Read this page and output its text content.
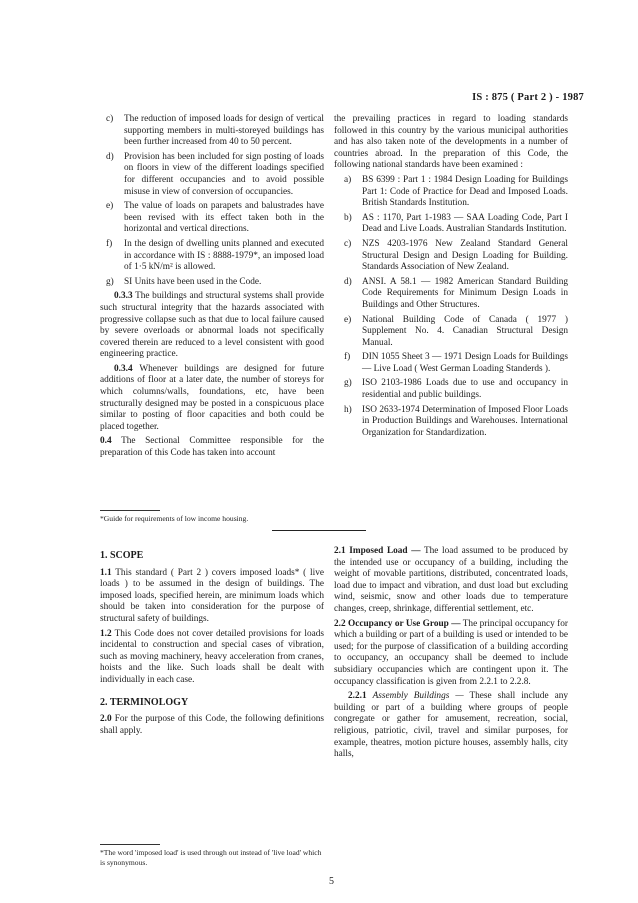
IS : 875 ( Part 2 ) - 1987
c) The reduction of imposed loads for design of vertical supporting members in multi-storeyed buildings has been further increased from 40 to 50 percent.
d) Provision has been included for sign posting of loads on floors in view of the different loadings specified for different occupancies and to avoid possible misuse in view of conversion of occupancies.
e) The value of loads on parapets and balustrades have been revised with its effect taken both in the horizontal and vertical directions.
f) In the design of dwelling units planned and executed in accordance with IS : 8888-1979*, an imposed load of 1·5 kN/m² is allowed.
g) SI Units have been used in the Code.

0.3.3 The buildings and structural systems shall provide such structural integrity that the hazards associated with progressive collapse such as that due to local failure caused by severe overloads or abnormal loads not specifically covered therein are reduced to a level consistent with good engineering practice.

0.3.4 Whenever buildings are designed for future additions of floor at a later date, the number of storeys for which columns/walls, foundations, etc, have been structurally designed may be posted in a conspicuous place similar to posting of floor capacities and both could be placed together.

0.4 The Sectional Committee responsible for the preparation of this Code has taken into account

*Guide for requirements of low income housing.

the prevailing practices in regard to loading standards followed in this country by the various municipal authorities and has also taken note of the developments in a number of countries abroad. In the preparation of this Code, the following national standards have been examined :

a) BS 6399 : Part 1 : 1984 Design Loading for Buildings Part 1: Code of Practice for Dead and Imposed Loads. British Standards Institution.
b) AS : 1170, Part 1-1983 — SAA Loading Code, Part I Dead and Live Loads. Australian Standards Institution.
c) NZS 4203-1976 New Zealand Standard General Structural Design and Design Loading for Building. Standards Association of New Zealand.
d) ANSI. A 58.1 — 1982 American Standard Building Code Requirements for Minimum Design Loads in Buildings and Other Structures.
e) National Building Code of Canada ( 1977 ) Supplement No. 4. Canadian Structural Design Manual.
f) DIN 1055 Sheet 3 — 1971 Design Loads for Buildings — Live Load ( West German Loading Standerds ).
g) ISO 2103-1986 Loads due to use and occupancy in residential and public buildings.
h) ISO 2633-1974 Determination of Imposed Floor Loads in Production Buildings and Warehouses. International Organization for Standardization.

1. SCOPE

1.1 This standard ( Part 2 ) covers imposed loads* ( live loads ) to be assumed in the design of buildings. The imposed loads, specified herein, are minimum loads which should be taken into consideration for the purpose of structural safety of buildings.

1.2 This Code does not cover detailed provisions for loads incidental to construction and special cases of vibration, such as moving machinery, heavy acceleration from cranes, hoists and the like. Such loads shall be dealt with individually in each case.

2. TERMINOLOGY

2.0 For the purpose of this Code, the following definitions shall apply.

*The word 'imposed load' is used through out instead of 'live load' which is synonymous.

2.1 Imposed Load — The load assumed to be produced by the intended use or occupancy of a building, including the weight of movable partitions, distributed, concentrated loads, load due to impact and vibration, and dust load but excluding wind, seismic, snow and other loads due to temperature changes, creep, shrinkage, differential settlement, etc.

2.2 Occupancy or Use Group — The principal occupancy for which a building or part of a building is used or intended to be used; for the purpose of classification of a building according to occupancy, an occupancy shall be deemed to include subsidiary occupancies which are contingent upon it. The occupancy classification is given from 2.2.1 to 2.2.8.

2.2.1 Assembly Buildings — These shall include any building or part of a building where groups of people congregate or gather for amusement, recreation, social, religious, patriotic, civil, travel and similar purposes, for example, theatres, motion picture houses, assembly halls, city halls,

5
